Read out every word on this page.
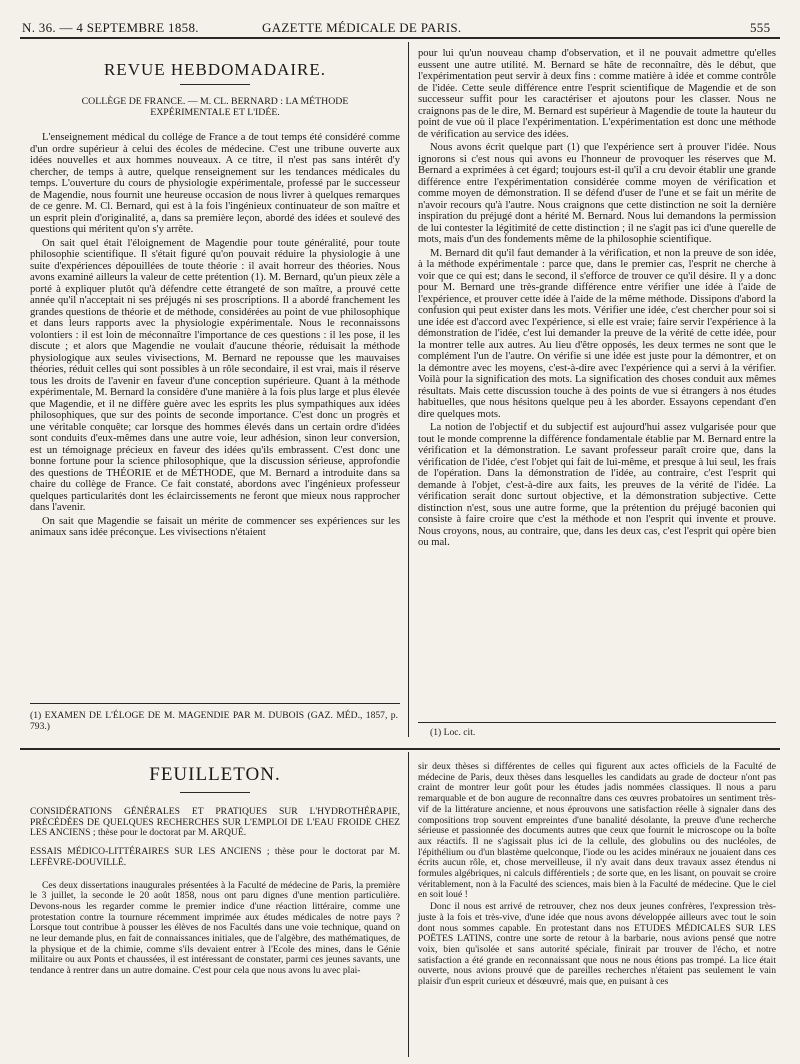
N. 36. — 4 SEPTEMBRE 1858.	GAZETTE MÉDICALE DE PARIS.	555
REVUE HEBDOMADAIRE.

COLLÈGE DE FRANCE. — M. CL. BERNARD : LA MÉTHODE EXPÉRIMENTALE ET L'IDÉE.

L'enseignement médical du collége de France a de tout temps été considéré comme d'un ordre supérieur à celui des écoles de médecine. C'est une tribune ouverte aux idées nouvelles et aux hommes nouveaux. A ce titre, il n'est pas sans intérêt d'y chercher, de temps à autre, quelque renseignement sur les tendances médicales du temps. L'ouverture du cours de physiologie expérimentale, professé par le successeur de Magendie, nous fournit une heureuse occasion de nous livrer à quelques remarques de ce genre. M. Cl. Bernard, qui est à la fois l'ingénieux continuateur de son maître et un esprit plein d'originalité, a, dans sa première leçon, abordé des idées et soulevé des questions qui méritent qu'on s'y arrête.

On sait quel était l'éloignement de Magendie pour toute généralité, pour toute philosophie scientifique. Il s'était figuré qu'on pouvait réduire la physiologie à une suite d'expériences dépouillées de toute théorie : il avait horreur des théories. Nous avons examiné ailleurs la valeur de cette prétention (1). M. Bernard, qu'un pieux zèle a porté à expliquer plutôt qu'à défendre cette étrangeté de son maître, a prouvé cette année qu'il n'acceptait ni ses préjugés ni ses proscriptions. Il a abordé franchement les grandes questions de théorie et de méthode, considérées au point de vue philosophique et dans leurs rapports avec la physiologie expérimentale. Nous le reconnaissons volontiers : il est loin de méconnaître l'importance de ces questions : il les pose, il les discute ; et alors que Magendie ne voulait d'aucune théorie, réduisait la méthode physiologique aux seules vivisections, M. Bernard ne repousse que les mauvaises théories, réduit celles qui sont possibles à un rôle secondaire, il est vrai, mais il réserve tous les droits de l'avenir en faveur d'une conception supérieure. Quant à la méthode expérimentale, M. Bernard la considère d'une manière à la fois plus large et plus élevée que Magendie, et il ne diffère guère avec les esprits les plus sympathiques aux idées philosophiques, que sur des points de seconde importance. C'est donc un progrès et une véritable conquête; car lorsque des hommes élevés dans un certain ordre d'idées sont conduits d'eux-mêmes dans une autre voie, leur adhésion, sinon leur conversion, est un témoignage précieux en faveur des idées qu'ils embrassent. C'est donc une bonne fortune pour la science philosophique, que la discussion sérieuse, approfondie des questions de THÉORIE et de MÉTHODE, que M. Bernard a introduite dans sa chaire du collège de France. Ce fait constaté, abordons avec l'ingénieux professeur quelques particularités dont les éclaircissements ne feront que mieux nous rapprocher dans l'avenir.

On sait que Magendie se faisait un mérite de commencer ses expériences sur les animaux sans idée préconçue. Les vivisections n'étaient

pour lui qu'un nouveau champ d'observation, et il ne pouvait admettre qu'elles eussent une autre utilité. M. Bernard se hâte de reconnaître, dès le début, que l'expérimentation peut servir à deux fins : comme matière à idée et comme contrôle de l'idée. Cette seule différence entre l'esprit scientifique de Magendie et de son successeur suffit pour les caractériser et ajoutons pour les classer. Nous ne craignons pas de le dire, M. Bernard est supérieur à Magendie de toute la hauteur du point de vue où il place l'expérimentation. L'expérimentation est donc une méthode de vérification au service des idées.

Nous avons écrit quelque part (1) que l'expérience sert à prouver l'idée. Nous ignorons si c'est nous qui avons eu l'honneur de provoquer les réserves que M. Bernard a exprimées à cet égard; toujours est-il qu'il a cru devoir établir une grande différence entre l'expérimentation considérée comme moyen de vérification et comme moyen de démonstration. Il se défend d'user de l'une et se fait un mérite de n'avoir recours qu'à l'autre. Nous craignons que cette distinction ne soit la dernière inspiration du préjugé dont a hérité M. Bernard. Nous lui demandons la permission de lui contester la légitimité de cette distinction ; il ne s'agit pas ici d'une querelle de mots, mais d'un des fondements même de la philosophie scientifique.

M. Bernard dit qu'il faut demander à la vérification, et non la preuve de son idée, à la méthode expérimentale : parce que, dans le premier cas, l'esprit ne cherche à voir que ce qui est; dans le second, il s'efforce de trouver ce qu'il désire. Il y a donc pour M. Bernard une très-grande différence entre vérifier une idée à l'aide de l'expérience, et prouver cette idée à l'aide de la même méthode. Dissipons d'abord la confusion qui peut exister dans les mots. Vérifier une idée, c'est chercher pour soi si une idée est d'accord avec l'expérience, si elle est vraie; faire servir l'expérience à la démonstration de l'idée, c'est lui demander la preuve de la vérité de cette idée, pour la montrer telle aux autres. Au lieu d'être opposés, les deux termes ne sont que le complément l'un de l'autre. On vérifie si une idée est juste pour la démontrer, et on la démontre avec les moyens, c'est-à-dire avec l'expérience qui a servi à la vérifier. Voilà pour la signification des mots. La signification des choses conduit aux mêmes résultats. Mais cette discussion touche à des points de vue si étrangers à nos études habituelles, que nous hésitons quelque peu à les aborder. Essayons cependant d'en dire quelques mots.

La notion de l'objectif et du subjectif est aujourd'hui assez vulgarisée pour que tout le monde comprenne la différence fondamentale établie par M. Bernard entre la vérification et la démonstration. Le savant professeur paraît croire que, dans la vérification de l'idée, c'est l'objet qui fait de lui-même, et presque à lui seul, les frais de l'opération. Dans la démonstration de l'idée, au contraire, c'est l'esprit qui demande à l'objet, c'est-à-dire aux faits, les preuves de la vérité de l'idée. La vérification serait donc surtout objective, et la démonstration subjective. Cette distinction n'est, sous une autre forme, que la prétention du préjugé baconien qui consiste à faire croire que c'est la méthode et non l'esprit qui invente et prouve. Nous croyons, nous, au contraire, que, dans les deux cas, c'est l'esprit qui opère bien ou mal.

(1) EXAMEN DE L'ÉLOGE DE M. MAGENDIE PAR M. DUBOIS (GAZ. MÉD., 1857, p. 793.)

(1) Loc. cit.

FEUILLETON.

CONSIDÉRATIONS GÉNÉRALES ET PRATIQUES SUR L'HYDROTHÉRAPIE, PRÉCÉDÉES DE QUELQUES RECHERCHES SUR L'EMPLOI DE L'EAU FROIDE CHEZ LES ANCIENS ; thèse pour le doctorat par M. ARQUÉ.

ESSAIS MÉDICO-LITTÉRAIRES SUR LES ANCIENS ; thèse pour le doctorat par M. LEFÈVRE-DOUVILLÉ.

Ces deux dissertations inaugurales présentées à la Faculté de médecine de Paris, la première le 3 juillet, la seconde le 20 août 1858, nous ont paru dignes d'une mention particulière. Devons-nous les regarder comme le premier indice d'une réaction littéraire, comme une protestation contre la tournure récemment imprimée aux études médicales de notre pays ? Lorsque tout contribue à pousser les élèves de nos Facultés dans une voie technique, quand on ne leur demande plus, en fait de connaissances initiales, que de l'algèbre, des mathématiques, de la physique et de la chimie, comme s'ils devaient entrer à l'Ecole des mines, dans le Génie militaire ou aux Ponts et chaussées, il est intéressant de constater, parmi ces jeunes savants, une tendance à rentrer dans un autre domaine. C'est pour cela que nous avons lu avec plai-

sir deux thèses si différentes de celles qui figurent aux actes officiels de la Faculté de médecine de Paris, deux thèses dans lesquelles les candidats au grade de docteur n'ont pas craint de montrer leur goût pour les études jadis nommées classiques. Il nous a paru remarquable et de bon augure de reconnaître dans ces œuvres probatoires un sentiment très-vif de la littérature ancienne, et nous éprouvons une satisfaction réelle à signaler dans des compositions trop souvent empreintes d'une banalité désolante, la preuve d'une recherche sérieuse et passionnée des documents autres que ceux que fournit le microscope ou la boîte aux réactifs. Il ne s'agissait plus ici de la cellule, des globulins ou des nucléoles, de l'épithélium ou d'un blastème quelconque, l'iode ou les acides minéraux ne jouaient dans ces écrits aucun rôle, et, chose merveilleuse, il n'y avait dans deux travaux assez étendus ni formules algébriques, ni calculs différentiels ; de sorte que, en les lisant, on pouvait se croire véritablement, non à la Faculté des sciences, mais bien à la Faculté de médecine. Que le ciel en soit loué !

Donc il nous est arrivé de retrouver, chez nos deux jeunes confrères, l'expression très-juste à la fois et très-vive, d'une idée que nous avons développée ailleurs avec tout le soin dont nous sommes capable. En protestant dans nos ETUDES MÉDICALES SUR LES POËTES LATINS, contre une sorte de retour à la barbarie, nous avions pensé que notre voix, bien qu'isolée et sans autorité spéciale, finirait par trouver de l'écho, et notre satisfaction a été grande en reconnaissant que nous ne nous étions pas trompé. La lice était ouverte, nous avions prouvé que de pareilles recherches n'étaient pas seulement le vain plaisir d'un esprit curieux et désœuvré, mais que, en puisant à ces
